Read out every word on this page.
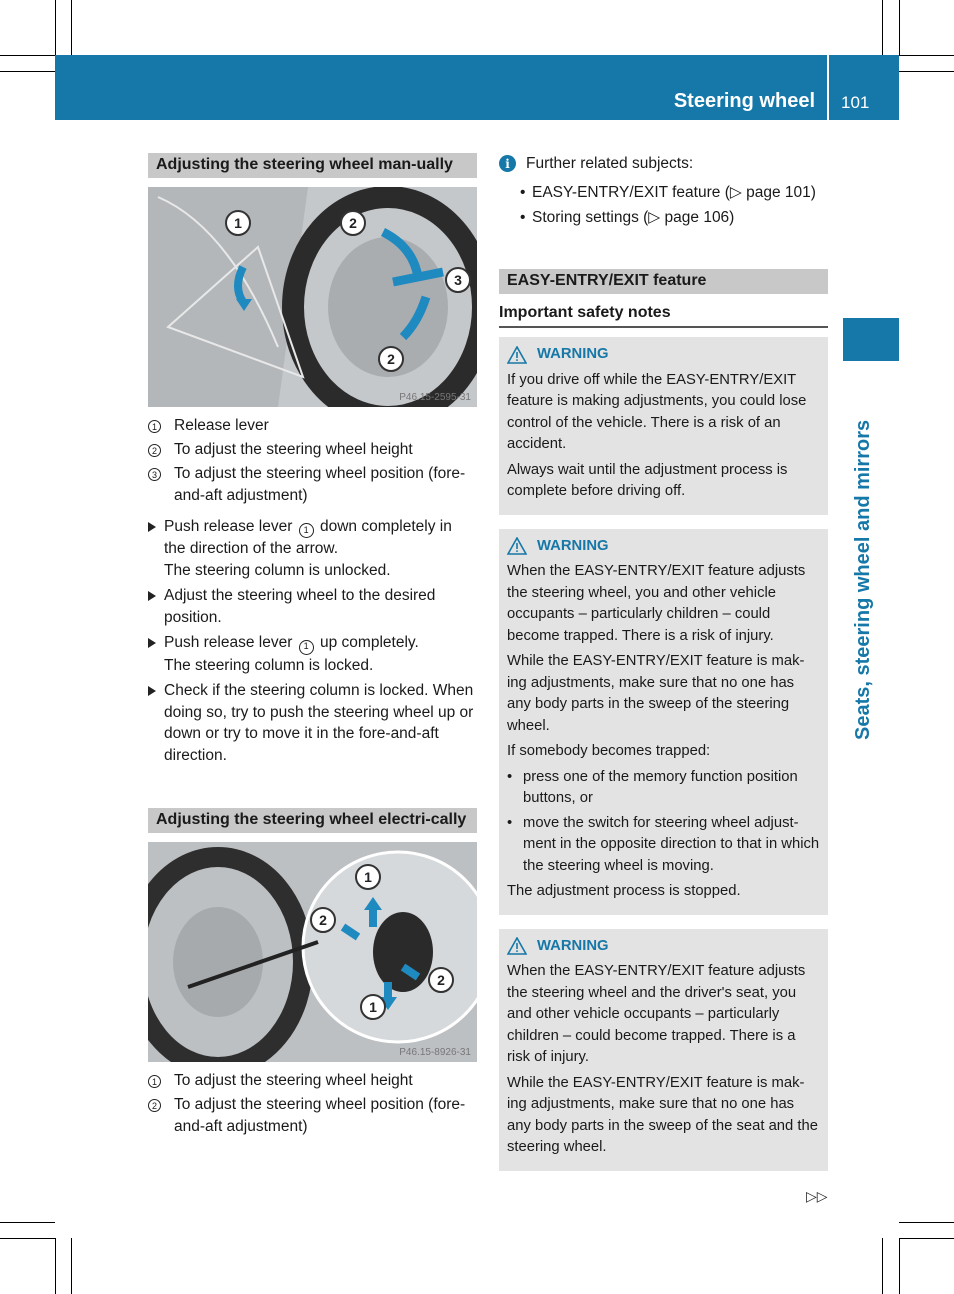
Steering wheel 101
Seats, steering wheel and mirrors
Adjusting the steering wheel man-ually
1	2
3
2
P46.15-2595-31
1 Release lever
2 To adjust the steering wheel height
3 To adjust the steering wheel position (fore-and-aft adjustment)
Push release lever 1 down completely in the direction of the arrow.
The steering column is unlocked.
Adjust the steering wheel to the desired position.
Push release lever 1 up completely.
The steering column is locked.
Check if the steering column is locked. When doing so, try to push the steering wheel up or down or try to move it in the fore-and-aft direction.
Adjusting the steering wheel electri-cally
1
2
2
1
P46.15-8926-31
1 To adjust the steering wheel height
2 To adjust the steering wheel position (fore-and-aft adjustment)
i	Further related subjects:
• EASY-ENTRY/EXIT feature (▷ page 101)
• Storing settings (▷ page 106)
EASY-ENTRY/EXIT feature
Important safety notes
WARNING

If you drive off while the EASY-ENTRY/EXIT feature is making adjustments, you could lose control of the vehicle. There is a risk of an accident.

Always wait until the adjustment process is complete before driving off.

WARNING

When the EASY-ENTRY/EXIT feature adjusts the steering wheel, you and other vehicle occupants – particularly children – could become trapped. There is a risk of injury.

While the EASY-ENTRY/EXIT feature is mak-ing adjustments, make sure that no one has any body parts in the sweep of the steering wheel.

If somebody becomes trapped:

• press one of the memory function position buttons, or
• move the switch for steering wheel adjust-ment in the opposite direction to that in which the steering wheel is moving.

The adjustment process is stopped.

WARNING

When the EASY-ENTRY/EXIT feature adjusts the steering wheel and the driver's seat, you and other vehicle occupants – particularly children – could become trapped. There is a risk of injury.

While the EASY-ENTRY/EXIT feature is mak-ing adjustments, make sure that no one has any body parts in the sweep of the seat and the steering wheel.

▷▷
